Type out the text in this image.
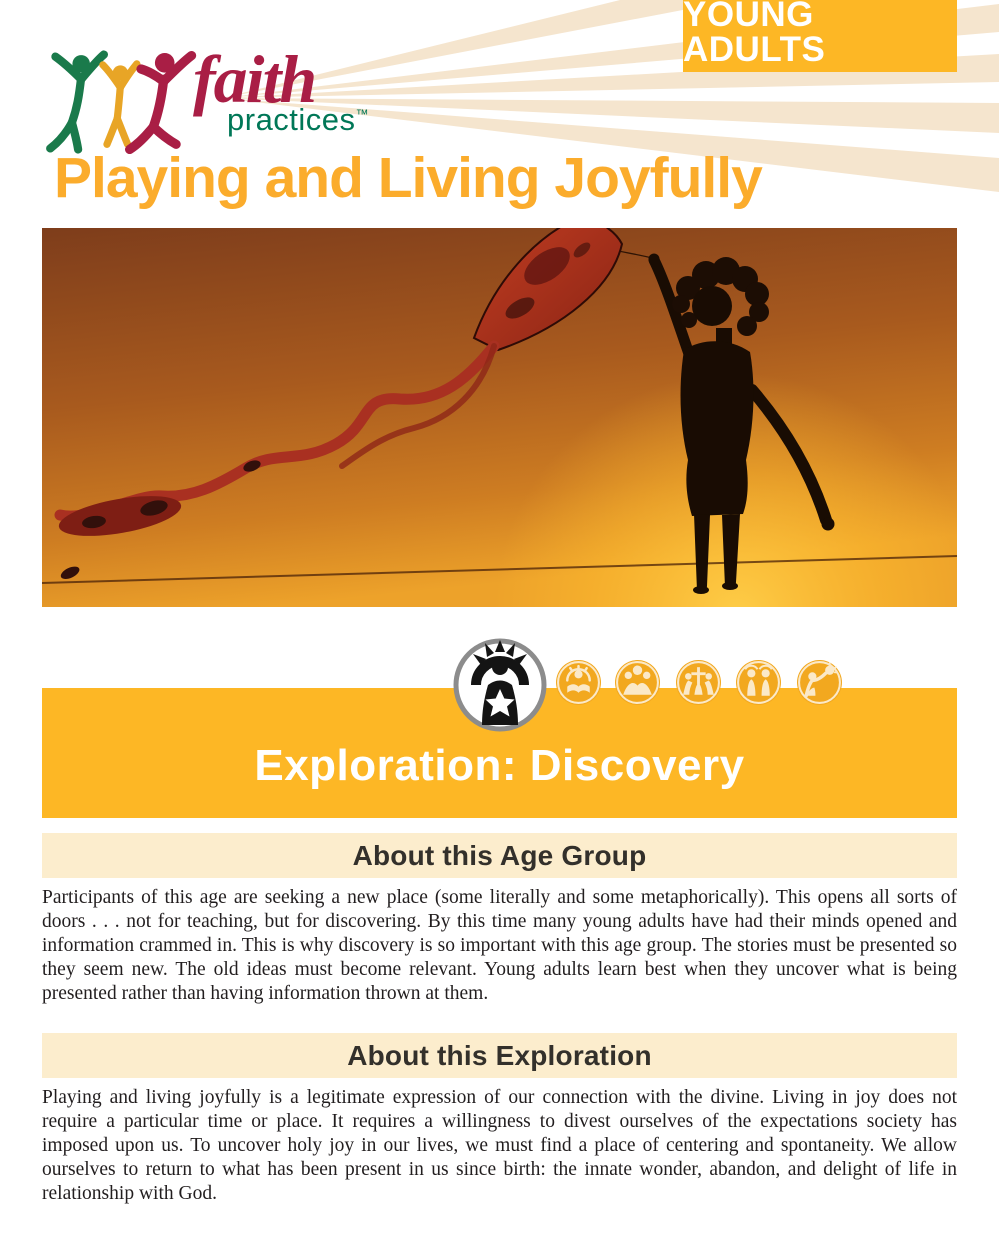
YOUNG ADULTS
faith
practices™
Playing and Living Joyfully
Exploration: Discovery
About this Age Group
Participants of this age are seeking a new place (some literally and some metaphorically). This opens all sorts of doors . . . not for teaching, but for discovering. By this time many young adults have had their minds opened and information crammed in. This is why discovery is so important with this age group. The stories must be presented so they seem new. The old ideas must become relevant. Young adults learn best when they uncover what is being presented rather than having information thrown at them.
About this Exploration
Playing and living joyfully is a legitimate expression of our connection with the divine. Living in joy does not require a particular time or place. It requires a willingness to divest ourselves of the expectations society has imposed upon us. To uncover holy joy in our lives, we must find a place of centering and spontaneity. We allow ourselves to return to what has been present in us since birth: the innate wonder, abandon, and delight of life in relationship with God.
